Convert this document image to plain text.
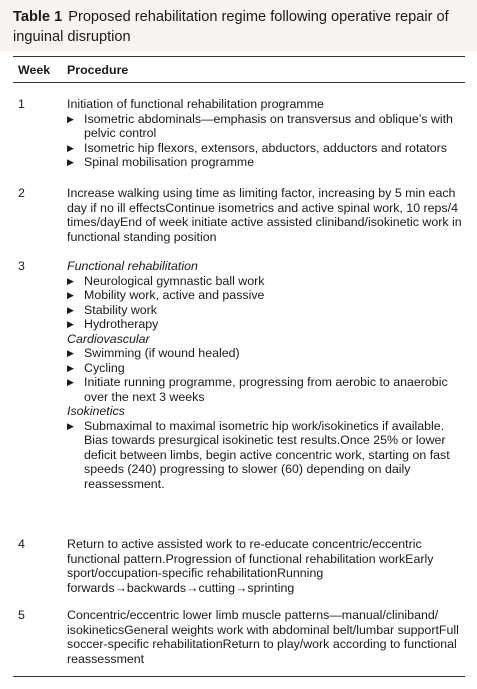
Table 1 Proposed rehabilitation regime following operative repair of inguinal disruption
Week Procedure
1	Initiation of functional rehabilitation programme
▶ Isometric abdominals—emphasis on transversus and oblique’s with
pelvic control
▶ Isometric hip flexors, extensors, abductors, adductors and rotators
▶ Spinal mobilisation programme
2	Increase walking using time as limiting factor, increasing by 5 min each
day if no ill effectsContinue isometrics and active spinal work, 10 reps/4
times/dayEnd of week initiate active assisted cliniband/isokinetic work in
functional standing position
3	Functional rehabilitation
▶ Neurological gymnastic ball work
▶ Mobility work, active and passive
▶ Stability work
▶ Hydrotherapy
Cardiovascular
▶ Swimming (if wound healed)
▶ Cycling
▶ Initiate running programme, progressing from aerobic to anaerobic
over the next 3 weeks
Isokinetics
▶ Submaximal to maximal isometric hip work/isokinetics if available.
Bias towards presurgical isokinetic test results.Once 25% or lower
deficit between limbs, begin active concentric work, starting on fast
speeds (240) progressing to slower (60) depending on daily
reassessment.
4	Return to active assisted work to re-educate concentric/eccentric
functional pattern.Progression of functional rehabilitation workEarly
sport/occupation-specific rehabilitationRunning
forwards→backwards→cutting→sprinting
5	Concentric/eccentric lower limb muscle patterns—manual/cliniband/
isokineticsGeneral weights work with abdominal belt/lumbar supportFull
soccer-specific rehabilitationReturn to play/work according to functional
reassessment
